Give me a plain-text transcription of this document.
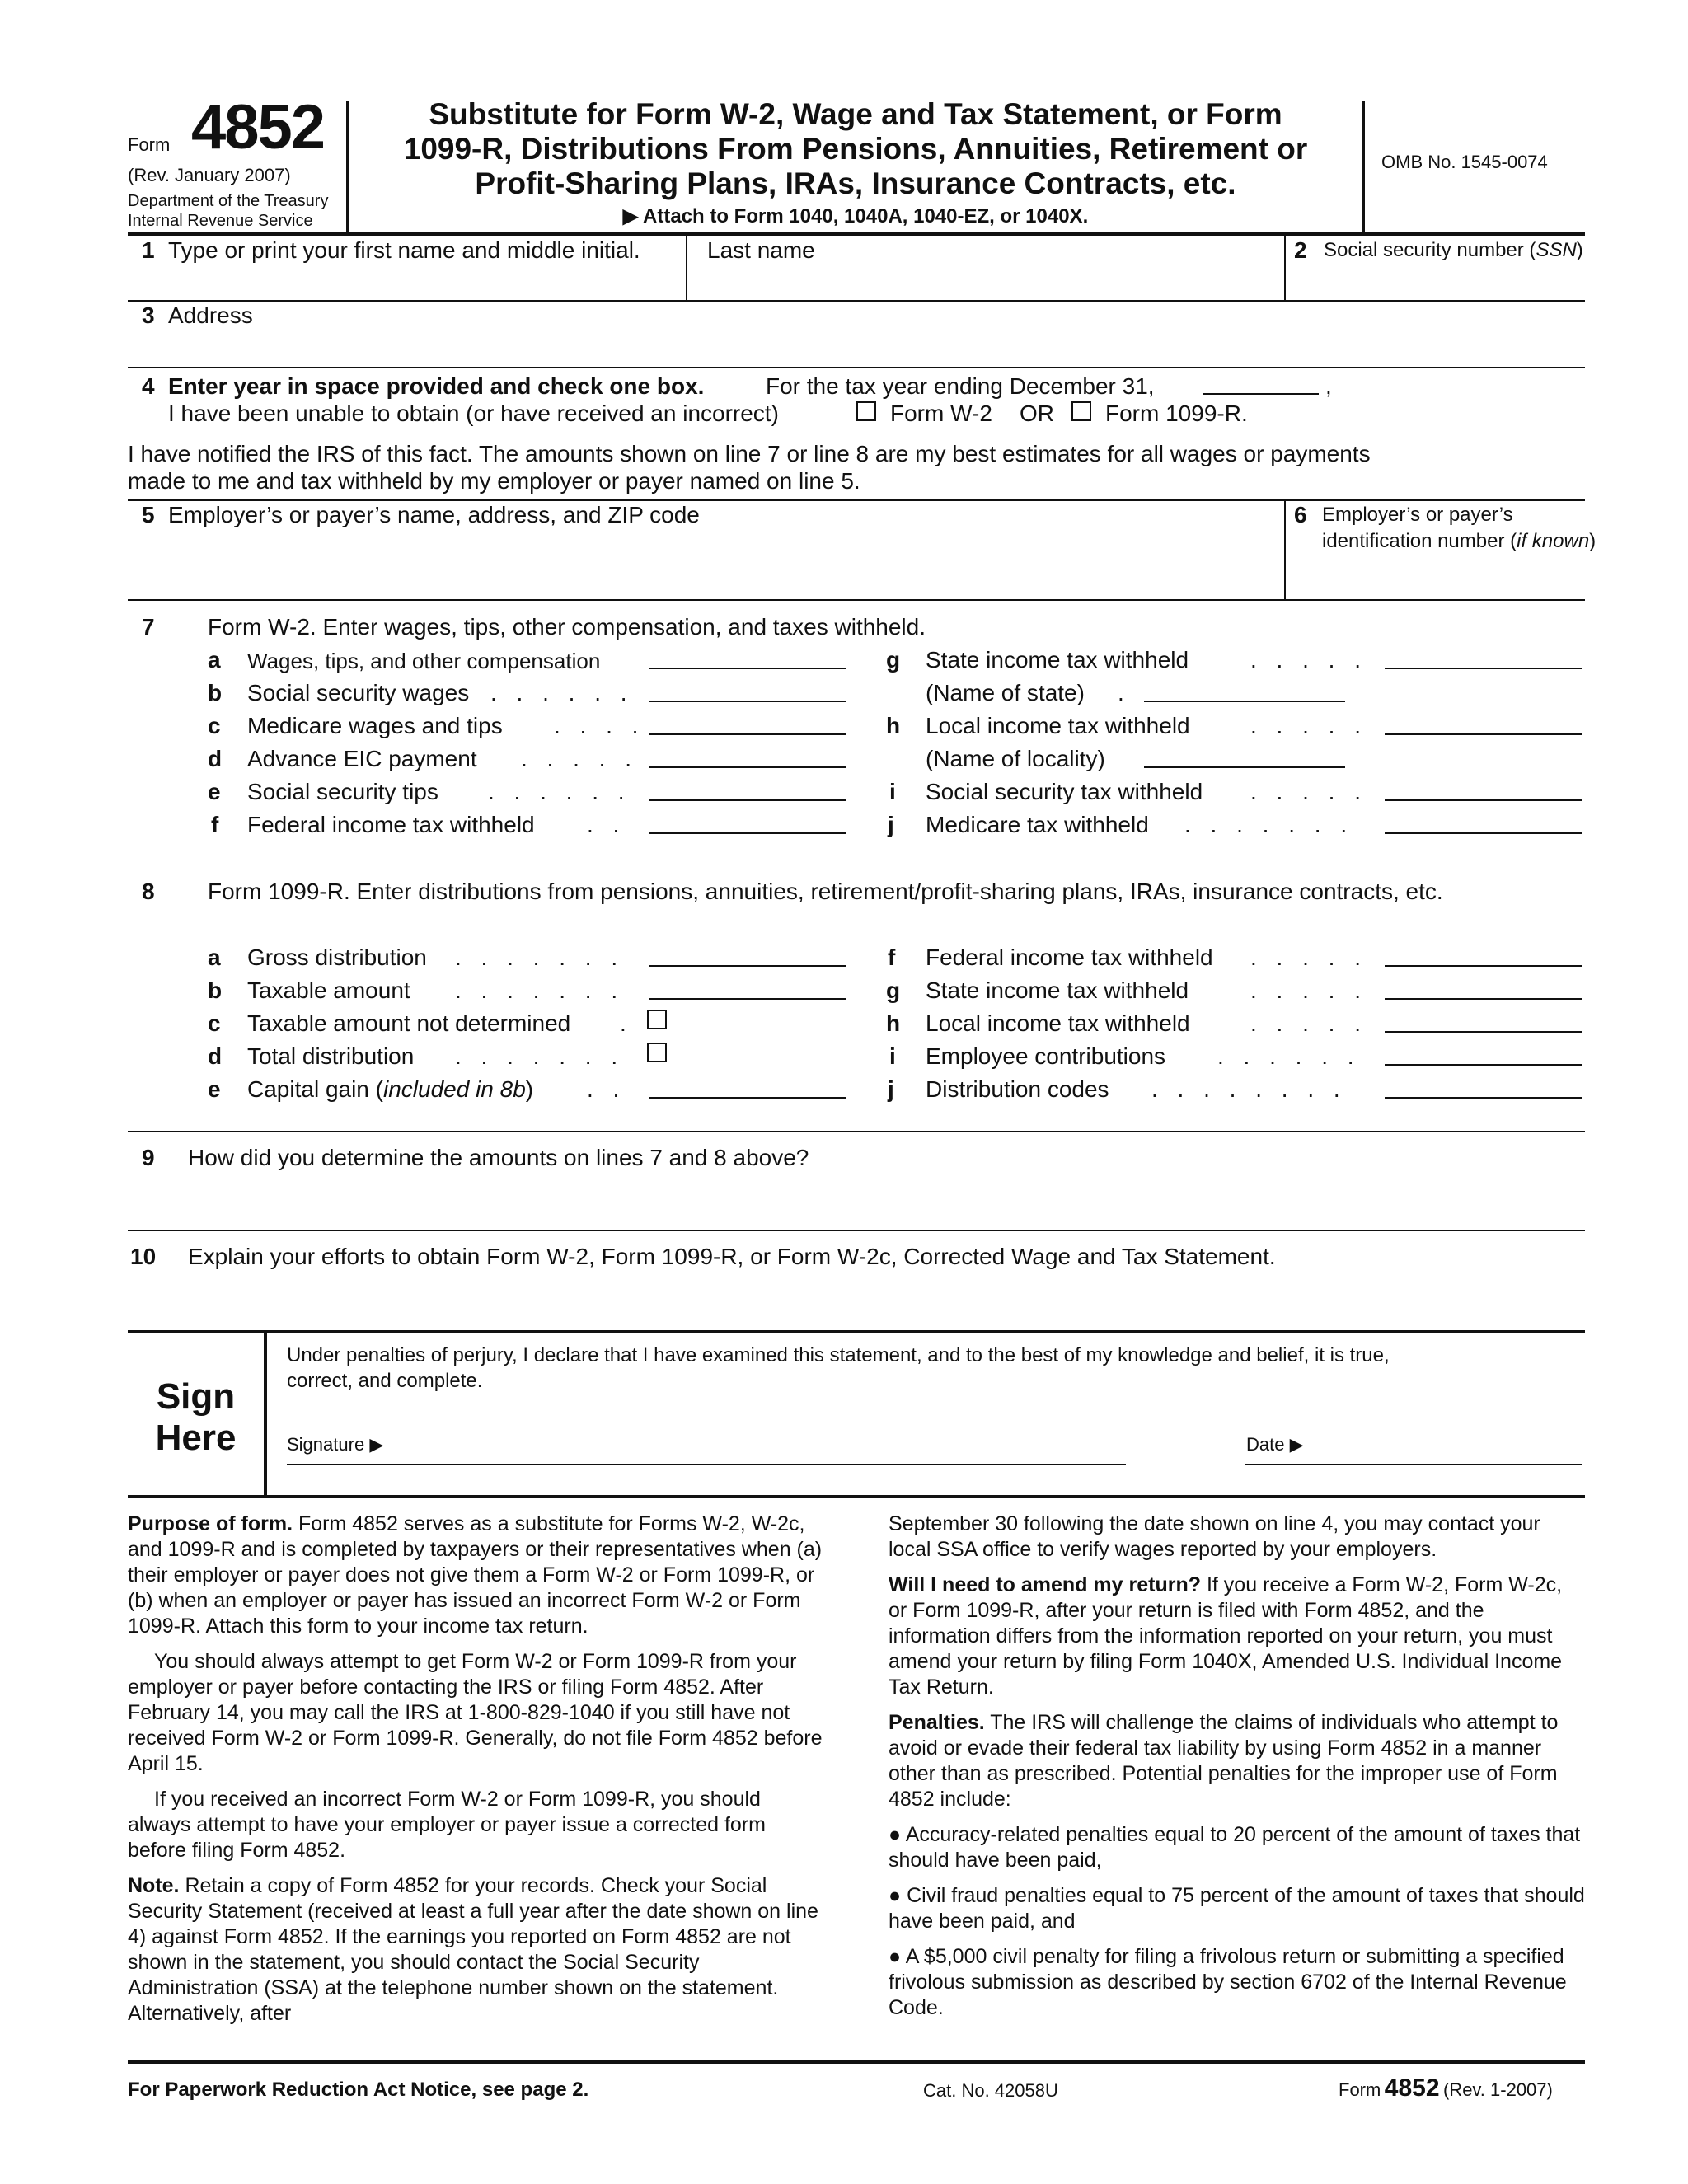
Form 4852
(Rev. January 2007)
Department of the Treasury
Internal Revenue Service
Substitute for Form W-2, Wage and Tax Statement, or Form
1099-R, Distributions From Pensions, Annuities, Retirement or
Profit-Sharing Plans, IRAs, Insurance Contracts, etc.
▶ Attach to Form 1040, 1040A, 1040-EZ, or 1040X.
OMB No. 1545-0074
1 Type or print your first name and middle initial.	Last name	2 Social security number (SSN)
3 Address
4 Enter year in space provided and check one box.	For the tax year ending December 31,	,
I have been unable to obtain (or have received an incorrect)	Form W-2 OR Form 1099-R.
I have notified the IRS of this fact. The amounts shown on line 7 or line 8 are my best estimates for all wages or payments
made to me and tax withheld by my employer or payer named on line 5.
5 Employer’s or payer’s name, address, and ZIP code	6 Employer’s or payer’s
identification number (if known)
7 Form W-2. Enter wages, tips, other compensation, and taxes withheld.
a Wages, tips, and other compensation
b Social security wages . . . . . .
c Medicare wages and tips . . . .
d Advance EIC payment . . . . .
e Social security tips . . . . . .
f Federal income tax withheld . .
g State income tax withheld	. . . . .
(Name of state) .
h Local income tax withheld	. . . . .
(Name of locality)
i Social security tax withheld . . . . .
j Medicare tax withheld . . . . . . .
8 Form 1099-R. Enter distributions from pensions, annuities, retirement/profit-sharing plans, IRAs, insurance contracts, etc.
a Gross distribution . . . . . . .
b Taxable amount . . . . . . .
c Taxable amount not determined .
d Total distribution . . . . . . .
e Capital gain (included in 8b) . .
f Federal income tax withheld . . . . .
g State income tax withheld	. . . . .
h Local income tax withheld	. . . . .
i Employee contributions . . . . . .
j Distribution codes . . . . . . . .
9 How did you determine the amounts on lines 7 and 8 above?
10 Explain your efforts to obtain Form W-2, Form 1099-R, or Form W-2c, Corrected Wage and Tax Statement.
Sign
Here
Under penalties of perjury, I declare that I have examined this statement, and to the best of my knowledge and belief, it is true,
correct, and complete.
Signature ▶	Date ▶

Purpose of form. Form 4852 serves as a substitute for Forms W-2, W-2c, and 1099-R and is completed by taxpayers or their representatives when (a) their employer or payer does not give them a Form W-2 or Form 1099-R, or (b) when an employer or payer has issued an incorrect Form W-2 or Form 1099-R. Attach this form to your income tax return.

You should always attempt to get Form W-2 or Form 1099-R from your employer or payer before contacting the IRS or filing Form 4852. After February 14, you may call the IRS at 1-800-829-1040 if you still have not received Form W-2 or Form 1099-R. Generally, do not file Form 4852 before April 15.

If you received an incorrect Form W-2 or Form 1099-R, you should always attempt to have your employer or payer issue a corrected form before filing Form 4852.

Note. Retain a copy of Form 4852 for your records. Check your Social Security Statement (received at least a full year after the date shown on line 4) against Form 4852. If the earnings you reported on Form 4852 are not shown in the statement, you should contact the Social Security Administration (SSA) at the telephone number shown on the statement. Alternatively, after

September 30 following the date shown on line 4, you may contact your local SSA office to verify wages reported by your employers.

Will I need to amend my return? If you receive a Form W-2, Form W-2c, or Form 1099-R, after your return is filed with Form 4852, and the information differs from the information reported on your return, you must amend your return by filing Form 1040X, Amended U.S. Individual Income Tax Return.

Penalties. The IRS will challenge the claims of individuals who attempt to avoid or evade their federal tax liability by using Form 4852 in a manner other than as prescribed. Potential penalties for the improper use of Form 4852 include:

● Accuracy-related penalties equal to 20 percent of the amount of taxes that should have been paid,

● Civil fraud penalties equal to 75 percent of the amount of taxes that should have been paid, and

● A $5,000 civil penalty for filing a frivolous return or submitting a specified frivolous submission as described by section 6702 of the Internal Revenue Code.

For Paperwork Reduction Act Notice, see page 2.	Cat. No. 42058U	Form 4852 (Rev. 1-2007)
